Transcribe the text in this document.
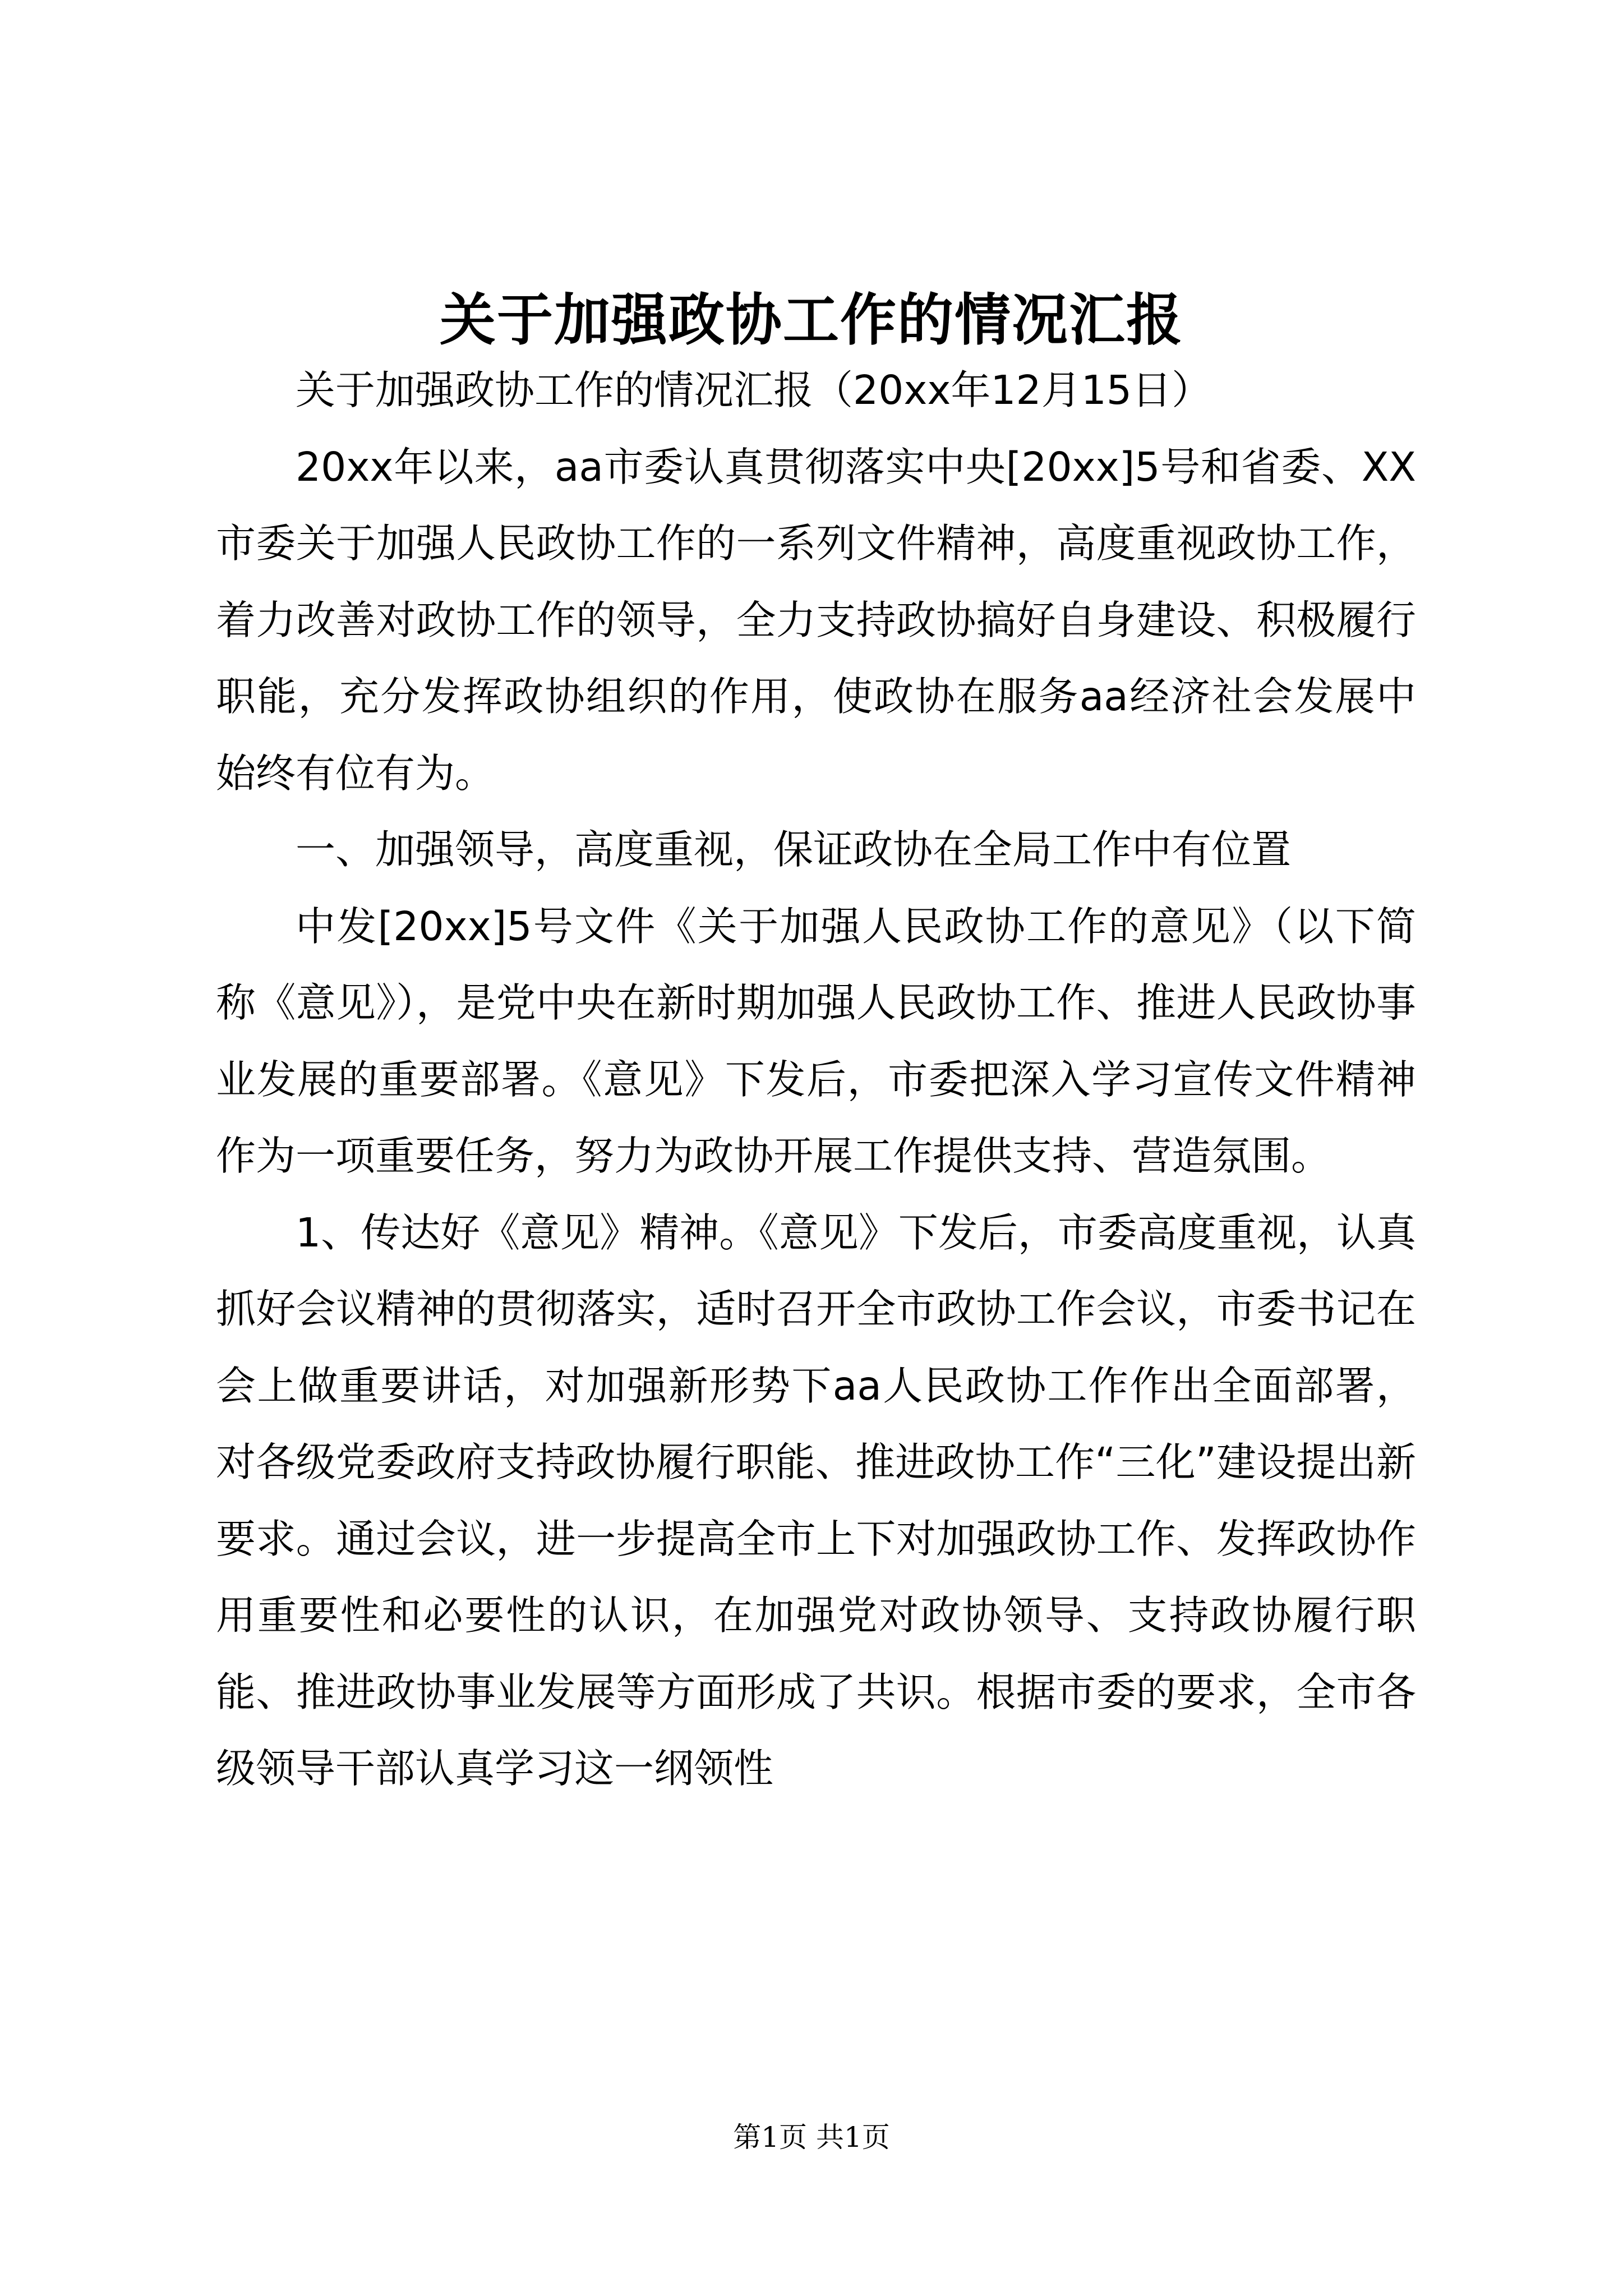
关于加强政协工作的情况汇报

关于加强政协工作的情况汇报（20xx年12月15日）

20xx年以来，aa市委认真贯彻落实中央[20xx]5号和省委、XX市委关于加强人民政协工作的一系列文件精神，高度重视政协工作，着力改善对政协工作的领导，全力支持政协搞好自身建设、积极履行职能，充分发挥政协组织的作用，使政协在服务aa经济社会发展中始终有位有为。

一、加强领导，高度重视，保证政协在全局工作中有位置

中发[20xx]5号文件《关于加强人民政协工作的意见》（以下简称《意见》），是党中央在新时期加强人民政协工作、推进人民政协事业发展的重要部署。《意见》下发后，市委把深入学习宣传文件精神作为一项重要任务，努力为政协开展工作提供支持、营造氛围。

1、传达好《意见》精神。《意见》下发后，市委高度重视，认真抓好会议精神的贯彻落实，适时召开全市政协工作会议，市委书记在会上做重要讲话，对加强新形势下aa人民政协工作作出全面部署，对各级党委政府支持政协履行职能、推进政协工作“三化”建设提出新要求。通过会议，进一步提高全市上下对加强政协工作、发挥政协作用重要性和必要性的认识，在加强党对政协领导、支持政协履行职能、推进政协事业发展等方面形成了共识。根据市委的要求，全市各级领导干部认真学习这一纲领性

第1页 共1页
